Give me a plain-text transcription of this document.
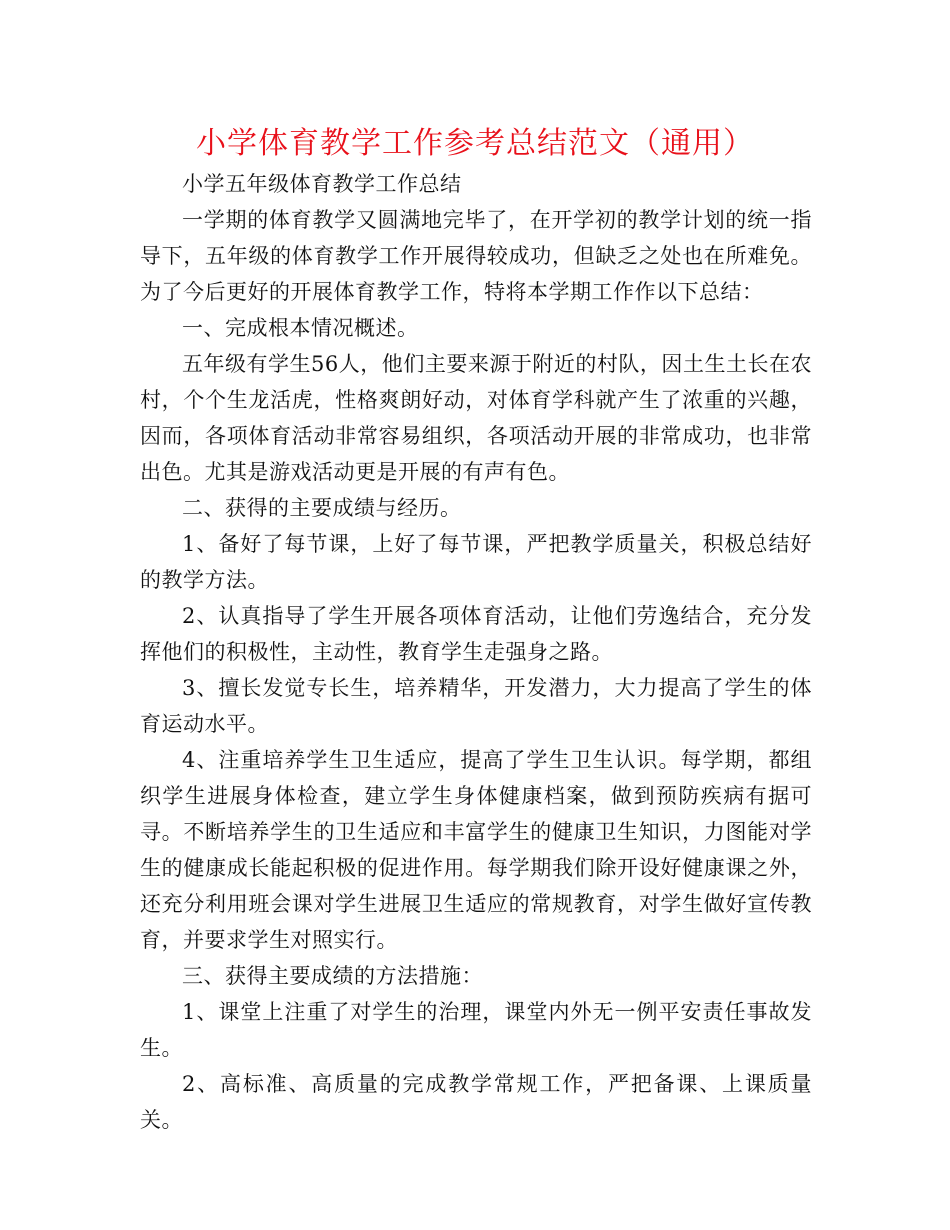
小学体育教学工作参考总结范文（通用）

小学五年级体育教学工作总结

一学期的体育教学又圆满地完毕了，在开学初的教学计划的统一指导下，五年级的体育教学工作开展得较成功，但缺乏之处也在所难免。为了今后更好的开展体育教学工作，特将本学期工作作以下总结：

一、完成根本情况概述。

五年级有学生56人，他们主要来源于附近的村队，因土生土长在农村，个个生龙活虎，性格爽朗好动，对体育学科就产生了浓重的兴趣，因而，各项体育活动非常容易组织，各项活动开展的非常成功，也非常出色。尤其是游戏活动更是开展的有声有色。

二、获得的主要成绩与经历。

1、备好了每节课，上好了每节课，严把教学质量关，积极总结好的教学方法。

2、认真指导了学生开展各项体育活动，让他们劳逸结合，充分发挥他们的积极性，主动性，教育学生走强身之路。

3、擅长发觉专长生，培养精华，开发潜力，大力提高了学生的体育运动水平。

4、注重培养学生卫生适应，提高了学生卫生认识。每学期，都组织学生进展身体检查，建立学生身体健康档案，做到预防疾病有据可寻。不断培养学生的卫生适应和丰富学生的健康卫生知识，力图能对学生的健康成长能起积极的促进作用。每学期我们除开设好健康课之外，还充分利用班会课对学生进展卫生适应的常规教育，对学生做好宣传教育，并要求学生对照实行。

三、获得主要成绩的方法措施：

1、课堂上注重了对学生的治理，课堂内外无一例平安责任事故发生。

2、高标准、高质量的完成教学常规工作，严把备课、上课质量关。
